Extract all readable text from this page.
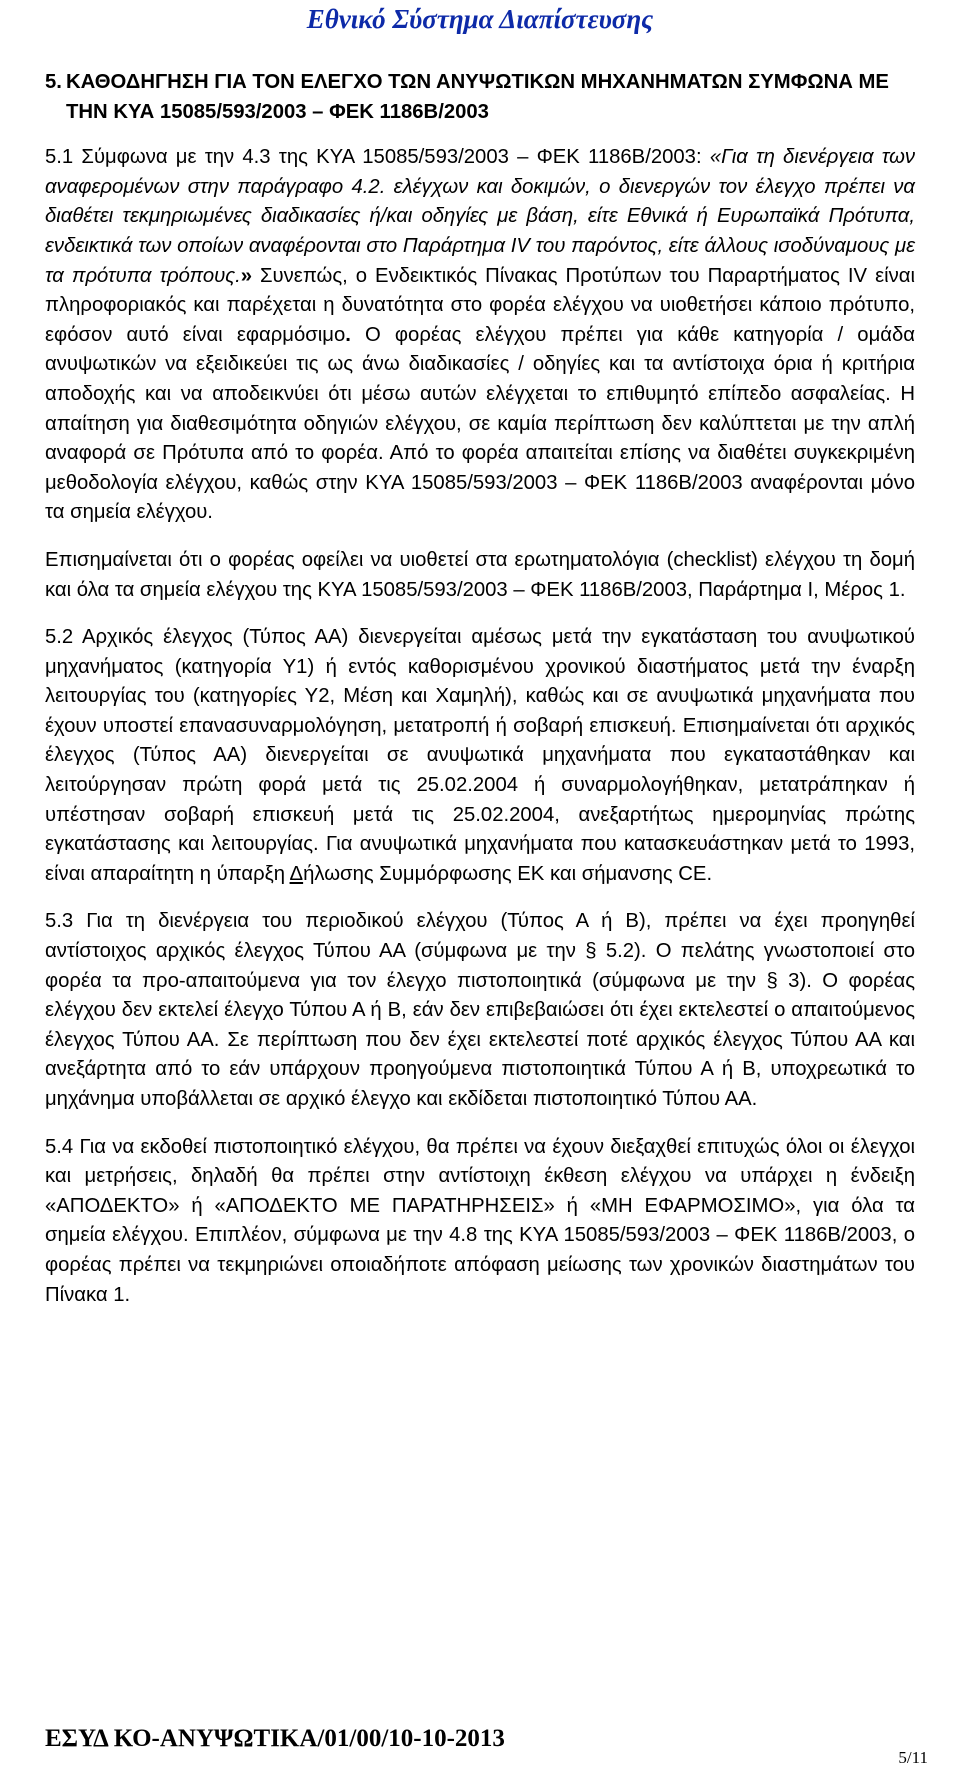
Εθνικό Σύστημα Διαπίστευσης
5. ΚΑΘΟΔΗΓΗΣΗ ΓΙΑ ΤΟΝ ΕΛΕΓΧΟ ΤΩΝ ΑΝΥΨΩΤΙΚΩΝ ΜΗΧΑΝΗΜΑΤΩΝ ΣΥΜΦΩΝΑ ΜΕ ΤΗΝ ΚΥΑ 15085/593/2003 – ΦΕΚ 1186Β/2003

5.1 Σύμφωνα με την 4.3 της ΚΥΑ 15085/593/2003 – ΦΕΚ 1186Β/2003: «Για τη διενέργεια των αναφερομένων στην παράγραφο 4.2. ελέγχων και δοκιμών, ο διενεργών τον έλεγχο πρέπει να διαθέτει τεκμηριωμένες διαδικασίες ή/και οδηγίες με βάση, είτε Εθνικά ή Ευρωπαϊκά Πρότυπα, ενδεικτικά των οποίων αναφέρονται στο Παράρτημα IV του παρόντος, είτε άλλους ισοδύναμους με τα πρότυπα τρόπους.» Συνεπώς, ο Ενδεικτικός Πίνακας Προτύπων του Παραρτήματος IV είναι πληροφοριακός και παρέχεται η δυνατότητα στο φορέα ελέγχου να υιοθετήσει κάποιο πρότυπο, εφόσον αυτό είναι εφαρμόσιμο. Ο φορέας ελέγχου πρέπει για κάθε κατηγορία / ομάδα ανυψωτικών να εξειδικεύει τις ως άνω διαδικασίες / οδηγίες και τα αντίστοιχα όρια ή κριτήρια αποδοχής και να αποδεικνύει ότι μέσω αυτών ελέγχεται το επιθυμητό επίπεδο ασφαλείας. Η απαίτηση για διαθεσιμότητα οδηγιών ελέγχου, σε καμία περίπτωση δεν καλύπτεται με την απλή αναφορά σε Πρότυπα από το φορέα. Από το φορέα απαιτείται επίσης να διαθέτει συγκεκριμένη μεθοδολογία ελέγχου, καθώς στην ΚΥΑ 15085/593/2003 – ΦΕΚ 1186Β/2003 αναφέρονται μόνο τα σημεία ελέγχου.

Επισημαίνεται ότι ο φορέας οφείλει να υιοθετεί στα ερωτηματολόγια (checklist) ελέγχου τη δομή και όλα τα σημεία ελέγχου της ΚΥΑ 15085/593/2003 – ΦΕΚ 1186Β/2003, Παράρτημα Ι, Μέρος 1.

5.2 Αρχικός έλεγχος (Τύπος ΑΑ) διενεργείται αμέσως μετά την εγκατάσταση του ανυψωτικού μηχανήματος (κατηγορία Υ1) ή εντός καθορισμένου χρονικού διαστήματος μετά την έναρξη λειτουργίας του (κατηγορίες Υ2, Μέση και Χαμηλή), καθώς και σε ανυψωτικά μηχανήματα που έχουν υποστεί επανασυναρμολόγηση, μετατροπή ή σοβαρή επισκευή. Επισημαίνεται ότι αρχικός έλεγχος (Τύπος ΑΑ) διενεργείται σε ανυψωτικά μηχανήματα που εγκαταστάθηκαν και λειτούργησαν πρώτη φορά μετά τις 25.02.2004 ή συναρμολογήθηκαν, μετατράπηκαν ή υπέστησαν σοβαρή επισκευή μετά τις 25.02.2004, ανεξαρτήτως ημερομηνίας πρώτης εγκατάστασης και λειτουργίας. Για ανυψωτικά μηχανήματα που κατασκευάστηκαν μετά το 1993, είναι απαραίτητη η ύπαρξη Δήλωσης Συμμόρφωσης ΕΚ και σήμανσης CE.

5.3 Για τη διενέργεια του περιοδικού ελέγχου (Τύπος Α ή Β), πρέπει να έχει προηγηθεί αντίστοιχος αρχικός έλεγχος Τύπου ΑΑ (σύμφωνα με την § 5.2). Ο πελάτης γνωστοποιεί στο φορέα τα προ-απαιτούμενα για τον έλεγχο πιστοποιητικά (σύμφωνα με την § 3). Ο φορέας ελέγχου δεν εκτελεί έλεγχο Τύπου Α ή Β, εάν δεν επιβεβαιώσει ότι έχει εκτελεστεί ο απαιτούμενος έλεγχος Τύπου ΑΑ. Σε περίπτωση που δεν έχει εκτελεστεί ποτέ αρχικός έλεγχος Τύπου ΑΑ και ανεξάρτητα από το εάν υπάρχουν προηγούμενα πιστοποιητικά Τύπου Α ή Β, υποχρεωτικά το μηχάνημα υποβάλλεται σε αρχικό έλεγχο και εκδίδεται πιστοποιητικό Τύπου ΑΑ.

5.4 Για να εκδοθεί πιστοποιητικό ελέγχου, θα πρέπει να έχουν διεξαχθεί επιτυχώς όλοι οι έλεγχοι και μετρήσεις, δηλαδή θα πρέπει στην αντίστοιχη έκθεση ελέγχου να υπάρχει η ένδειξη «ΑΠΟΔΕΚΤΟ» ή «ΑΠΟΔΕΚΤΟ ΜΕ ΠΑΡΑΤΗΡΗΣΕΙΣ» ή «ΜΗ ΕΦΑΡΜΟΣΙΜΟ», για όλα τα σημεία ελέγχου. Επιπλέον, σύμφωνα με την 4.8 της ΚΥΑ 15085/593/2003 – ΦΕΚ 1186Β/2003, ο φορέας πρέπει να τεκμηριώνει οποιαδήποτε απόφαση μείωσης των χρονικών διαστημάτων του Πίνακα 1.

ΕΣΥΔ ΚΟ-ΑΝΥΨΩΤΙΚΑ/01/00/10-10-2013
5/11
